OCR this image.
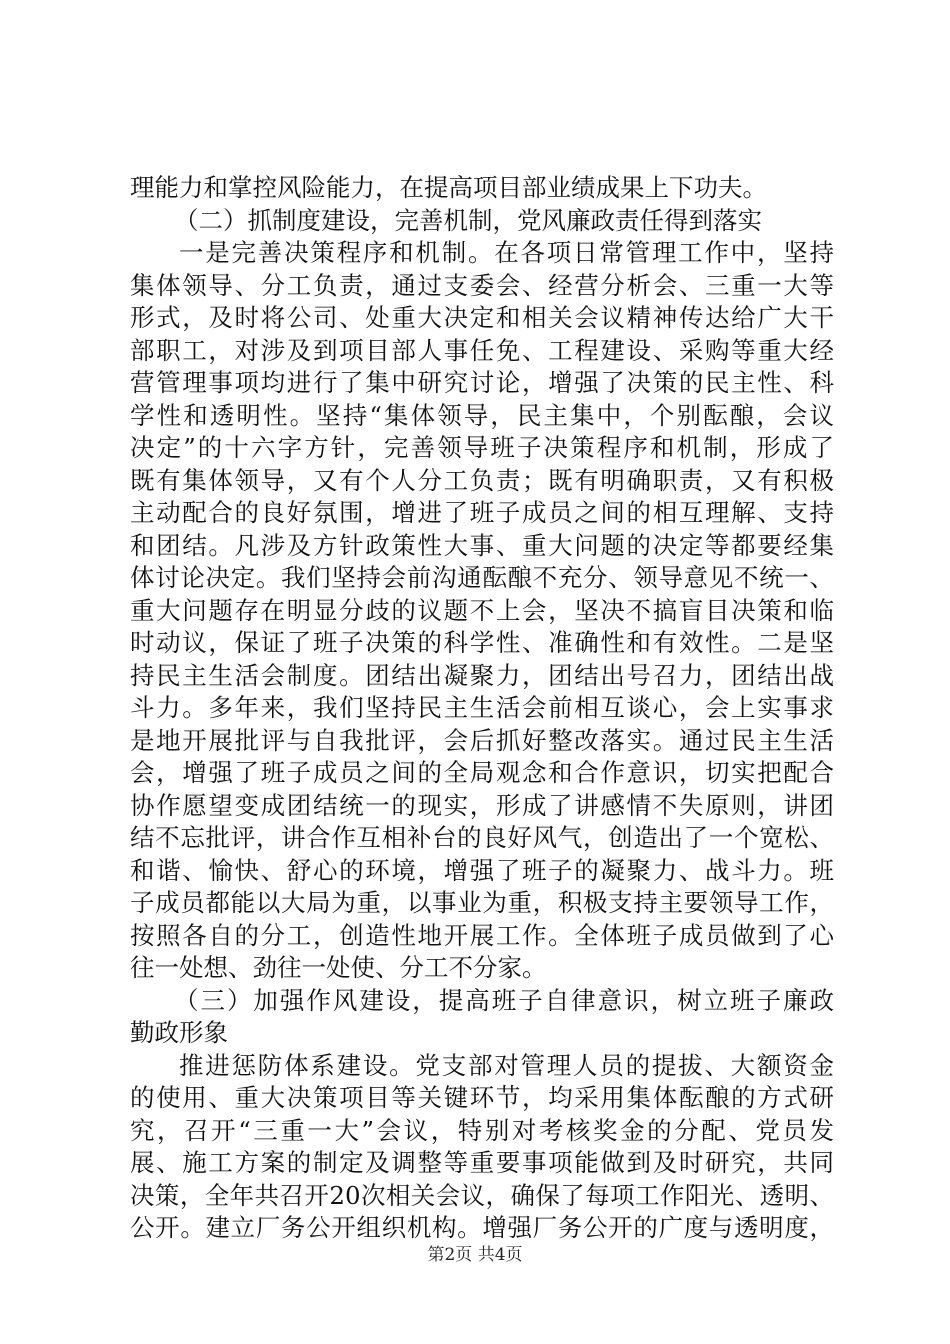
理能力和掌控风险能力，在提高项目部业绩成果上下功夫。
（二）抓制度建设，完善机制，党风廉政责任得到落实
一是完善决策程序和机制。在各项日常管理工作中，坚持
集体领导、分工负责，通过支委会、经营分析会、三重一大等
形式，及时将公司、处重大决定和相关会议精神传达给广大干
部职工，对涉及到项目部人事任免、工程建设、采购等重大经
营管理事项均进行了集中研究讨论，增强了决策的民主性、科
学性和透明性。坚持“集体领导，民主集中，个别酝酿，会议
决定”的十六字方针，完善领导班子决策程序和机制，形成了
既有集体领导，又有个人分工负责；既有明确职责，又有积极
主动配合的良好氛围，增进了班子成员之间的相互理解、支持
和团结。凡涉及方针政策性大事、重大问题的决定等都要经集
体讨论决定。我们坚持会前沟通酝酿不充分、领导意见不统一、
重大问题存在明显分歧的议题不上会，坚决不搞盲目决策和临
时动议，保证了班子决策的科学性、准确性和有效性。二是坚
持民主生活会制度。团结出凝聚力，团结出号召力，团结出战
斗力。多年来，我们坚持民主生活会前相互谈心，会上实事求
是地开展批评与自我批评，会后抓好整改落实。通过民主生活
会，增强了班子成员之间的全局观念和合作意识，切实把配合
协作愿望变成团结统一的现实，形成了讲感情不失原则，讲团
结不忘批评，讲合作互相补台的良好风气，创造出了一个宽松、
和谐、愉快、舒心的环境，增强了班子的凝聚力、战斗力。班
子成员都能以大局为重，以事业为重，积极支持主要领导工作，
按照各自的分工，创造性地开展工作。全体班子成员做到了心
往一处想、劲往一处使、分工不分家。
（三）加强作风建设，提高班子自律意识，树立班子廉政
勤政形象
推进惩防体系建设。党支部对管理人员的提拔、大额资金
的使用、重大决策项目等关键环节，均采用集体酝酿的方式研
究，召开“三重一大”会议，特别对考核奖金的分配、党员发
展、施工方案的制定及调整等重要事项能做到及时研究，共同
决策，全年共召开20次相关会议，确保了每项工作阳光、透明、
公开。建立厂务公开组织机构。增强厂务公开的广度与透明度，
第2页 共4页
